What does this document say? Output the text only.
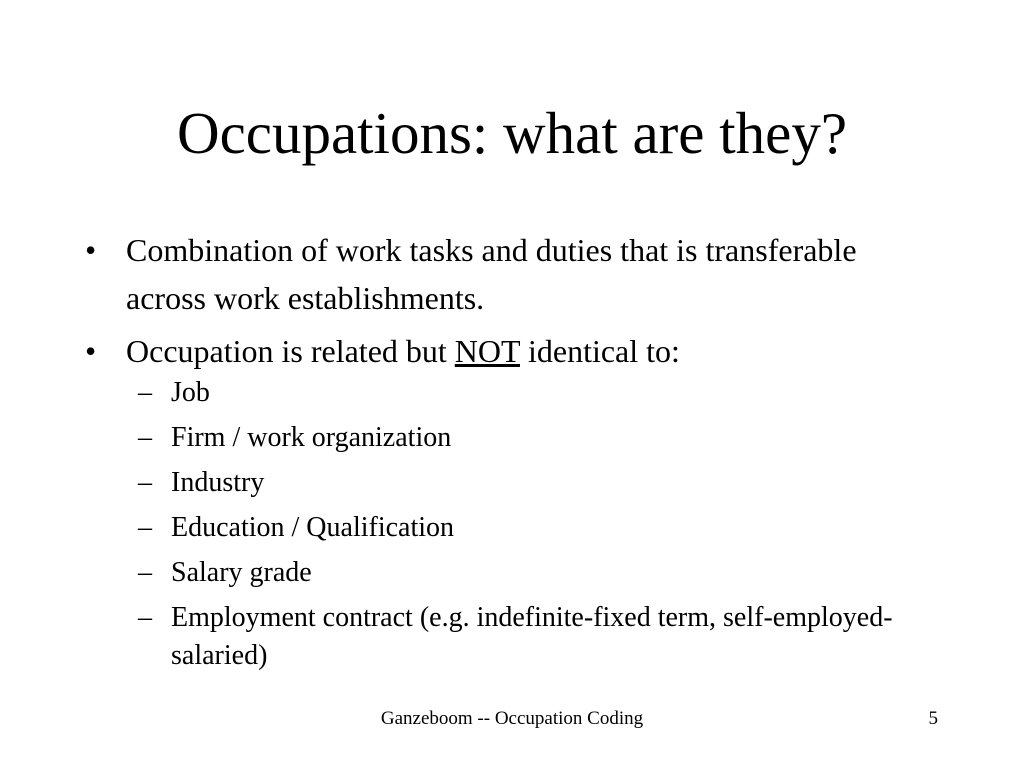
Occupations: what are they?
• Combination of work tasks and duties that is transferable across work establishments.
• Occupation is related but NOT identical to:
– Job
– Firm / work organization
– Industry
– Education / Qualification
– Salary grade
– Employment contract (e.g. indefinite-fixed term, self-employed-salaried)
Ganzeboom -- Occupation Coding	5
